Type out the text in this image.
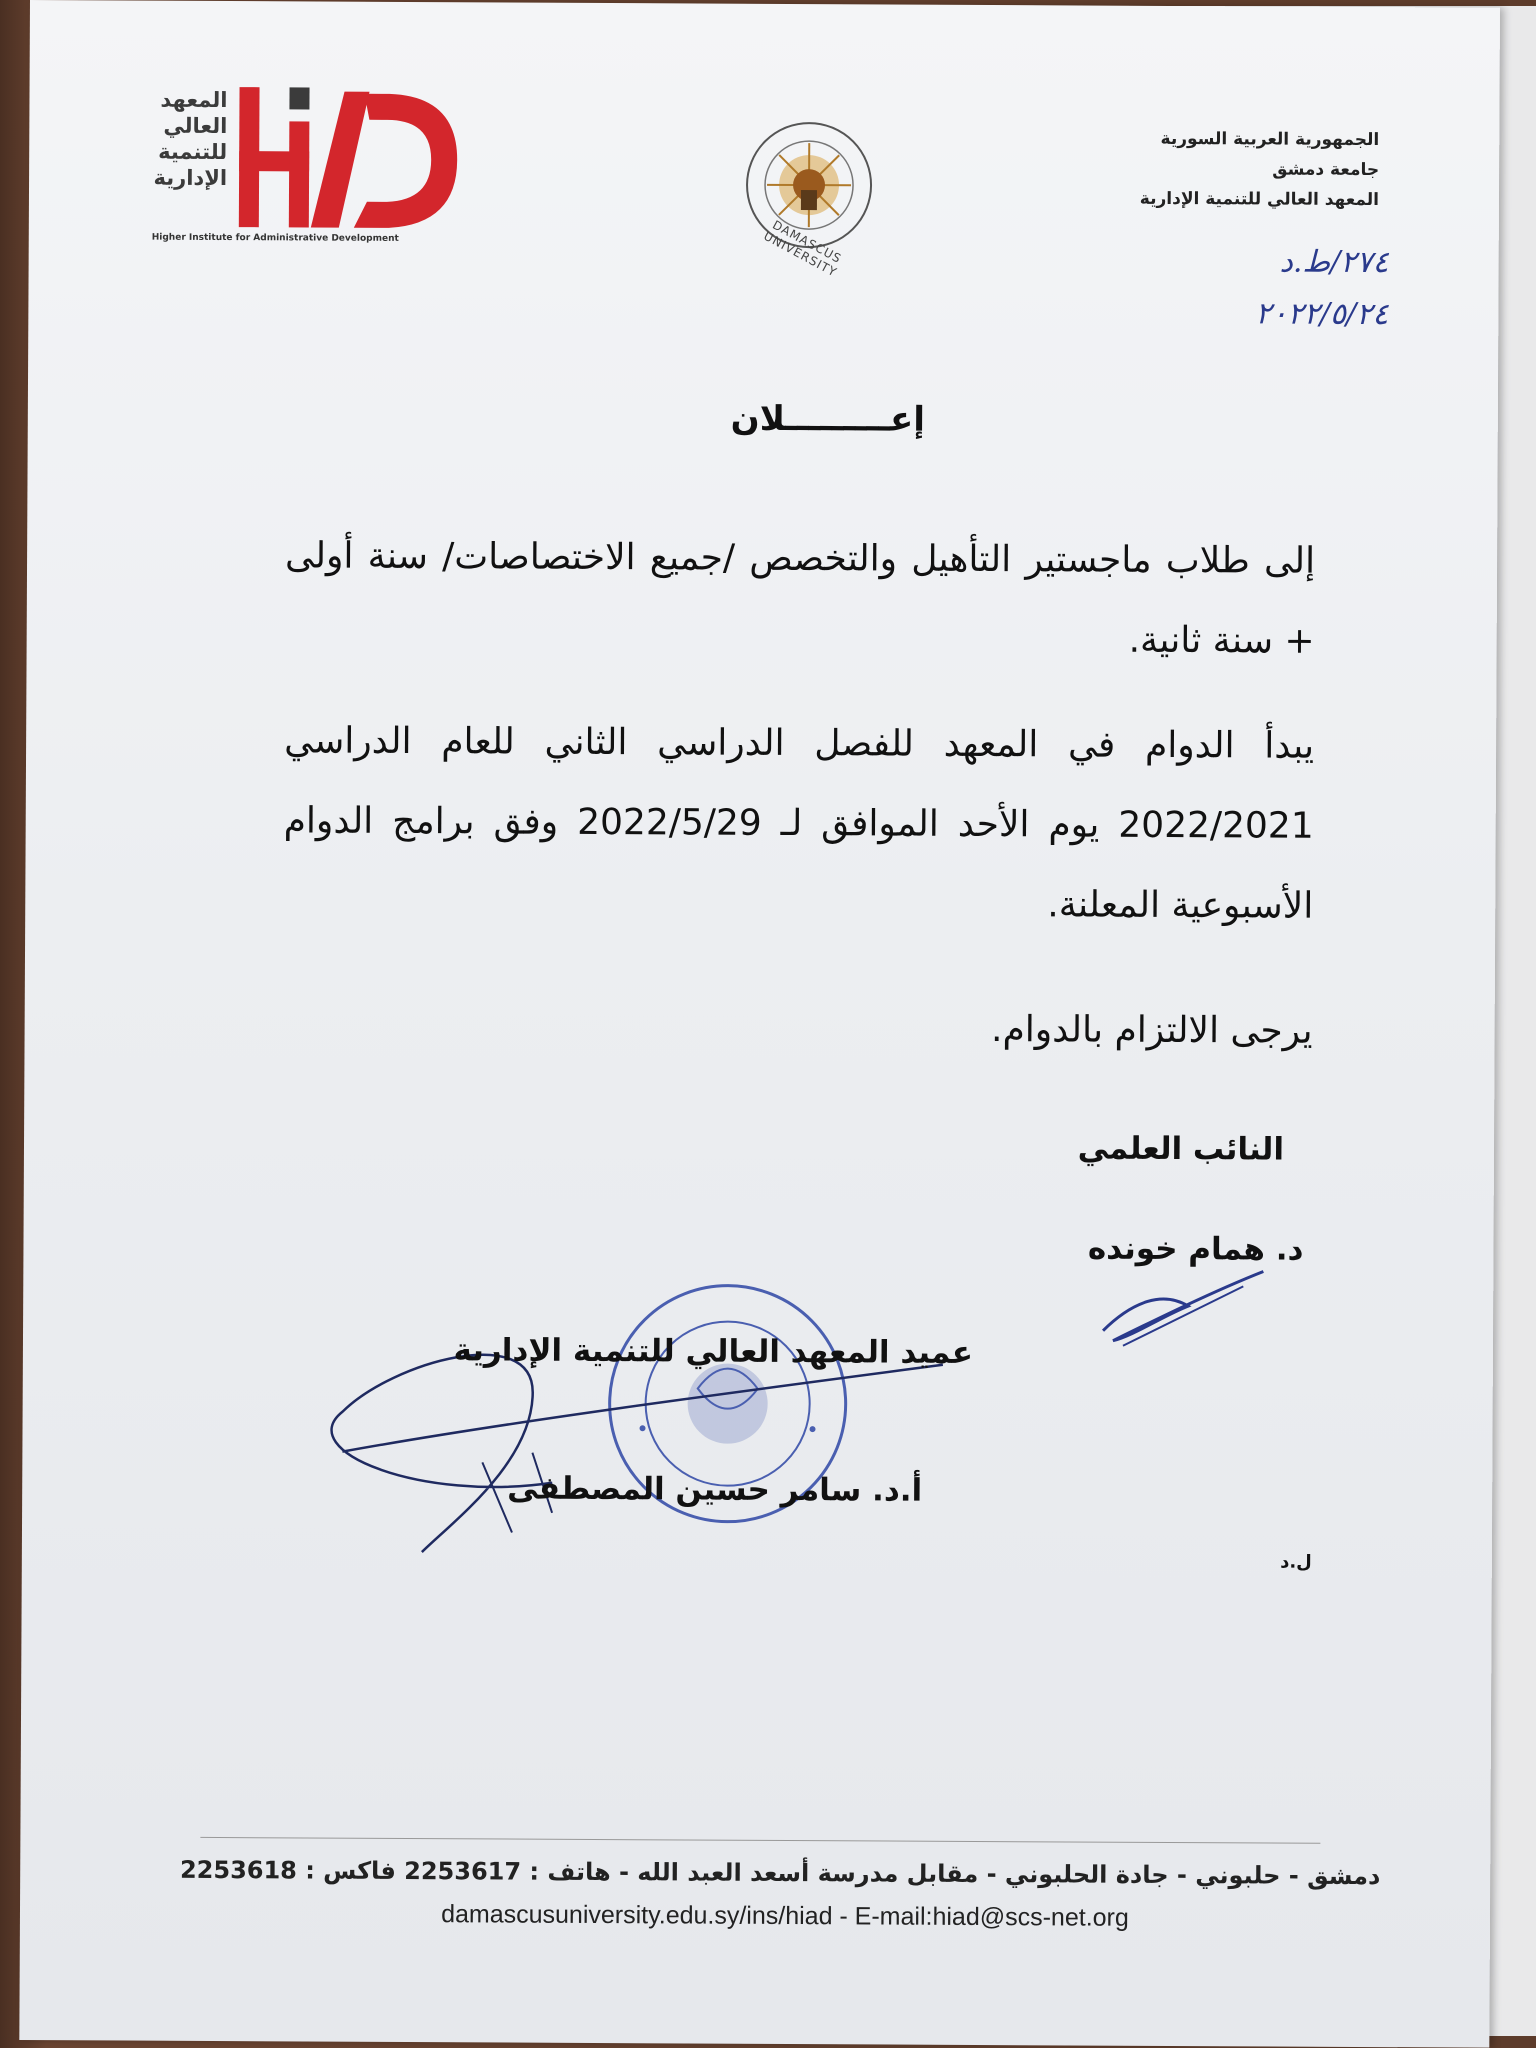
المعهد
العالي
للتنمية
الإدارية
Higher Institute for Administrative Development	DAMASCUS UNIVERSITY
الجمهورية العربية السورية
جامعة دمشق
المعهد العالي للتنمية الإدارية
٢٧٤/ط.د
٢٠٢٢/٥/٢٤
إعـــــــــلان
إلى طلاب ماجستير التأهيل والتخصص /جميع الاختصاصات/ سنة أولى + سنة ثانية.
يبدأ الدوام في المعهد للفصل الدراسي الثاني للعام الدراسي 2022/2021 يوم الأحد الموافق لـ 2022/5/29 وفق برامج الدوام الأسبوعية المعلنة.
يرجى الالتزام بالدوام.
النائب العلمي
د. همام خونده
عميد المعهد العالي للتنمية الإدارية
أ.د. سامر حسين المصطفى
ل.د
دمشق - حلبوني - جادة الحلبوني - مقابل مدرسة أسعد العبد الله - هاتف : 2253617 فاكس : 2253618
damascusuniversity.edu.sy/ins/hiad - E-mail:hiad@scs-net.org
